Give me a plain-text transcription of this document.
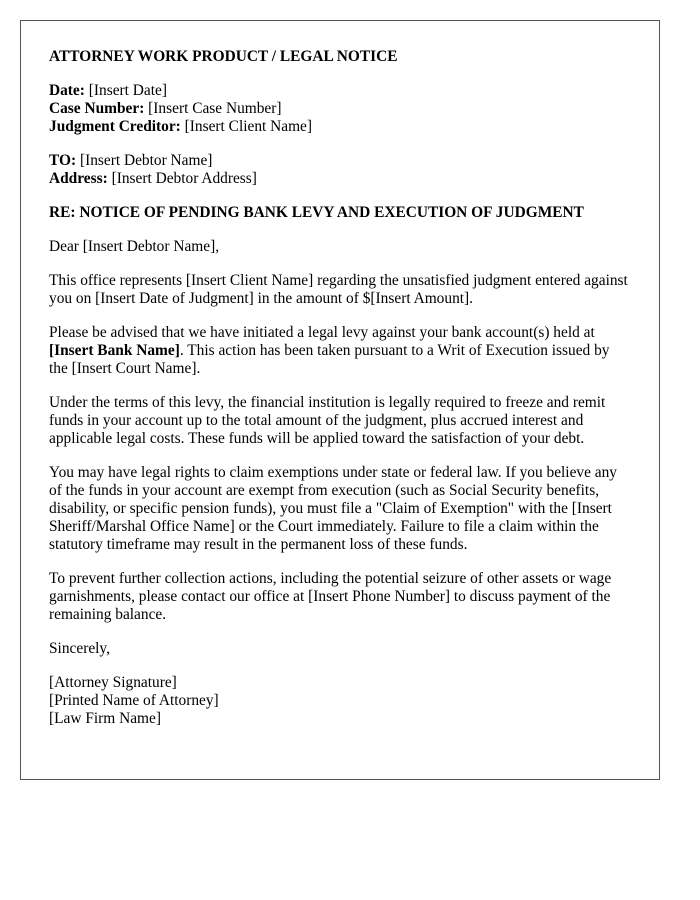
ATTORNEY WORK PRODUCT / LEGAL NOTICE
Date: [Insert Date]
Case Number: [Insert Case Number]
Judgment Creditor: [Insert Client Name]
TO: [Insert Debtor Name]
Address: [Insert Debtor Address]
RE: NOTICE OF PENDING BANK LEVY AND EXECUTION OF JUDGMENT
Dear [Insert Debtor Name],
This office represents [Insert Client Name] regarding the unsatisfied judgment entered against you on [Insert Date of Judgment] in the amount of $[Insert Amount].
Please be advised that we have initiated a legal levy against your bank account(s) held at [Insert Bank Name]. This action has been taken pursuant to a Writ of Execution issued by the [Insert Court Name].
Under the terms of this levy, the financial institution is legally required to freeze and remit funds in your account up to the total amount of the judgment, plus accrued interest and applicable legal costs. These funds will be applied toward the satisfaction of your debt.
You may have legal rights to claim exemptions under state or federal law. If you believe any of the funds in your account are exempt from execution (such as Social Security benefits, disability, or specific pension funds), you must file a "Claim of Exemption" with the [Insert Sheriff/Marshal Office Name] or the Court immediately. Failure to file a claim within the statutory timeframe may result in the permanent loss of these funds.
To prevent further collection actions, including the potential seizure of other assets or wage garnishments, please contact our office at [Insert Phone Number] to discuss payment of the remaining balance.
Sincerely,
[Attorney Signature]
[Printed Name of Attorney]
[Law Firm Name]
